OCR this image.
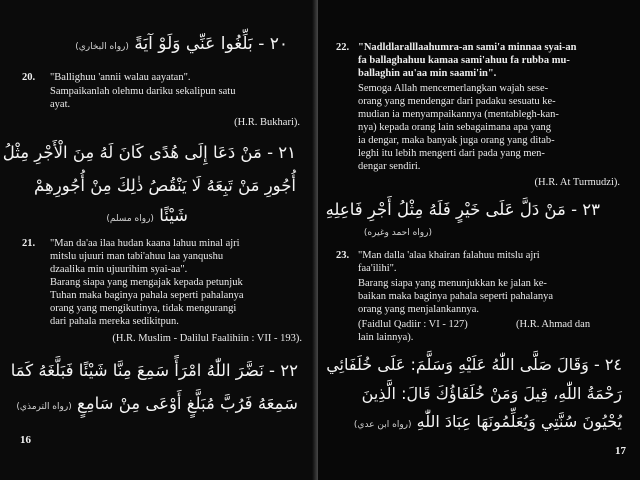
٢٠ - بَلِّغُوا عَنِّي وَلَوْ آيَةً (رواه البخاري)
20. "Ballighuu 'annii walau aayatan".
Sampaikanlah olehmu dariku sekalipun satu
ayat.
(H.R. Bukhari).
٢١ - مَنْ دَعَا إِلَى هُدًى كَانَ لَهُ مِنَ الْأَجْرِ مِثْلُ
أُجُورِ مَنْ تَبِعَهُ لَا يَنْقُصُ ذٰلِكَ مِنْ أُجُورِهِمْ
شَيْئًا (رواه مسلم)
21. "Man da'aa ilaa hudan kaana lahuu minal ajri
mitslu ujuuri man tabi'ahuu laa yanqushu
dzaalika min ujuurihim syai-aa".
Barang siapa yang mengajak kepada petunjuk
Tuhan maka baginya pahala seperti pahalanya
orang yang mengikutinya, tidak mengurangi
dari pahala mereka sedikitpun.
(H.R. Muslim - Dalilul Faalihiin : VII - 193).
٢٢ - نَضَّرَ اللّٰهُ امْرَأً سَمِعَ مِنَّا شَيْئًا فَبَلَّغَهُ كَمَا
سَمِعَهُ فَرُبَّ مُبَلَّغٍ أَوْعَى مِنْ سَامِعٍ (رواه الترمذي)
16
22. "Nadldlaralllaahumra-an sami'a minnaa syai-an
fa ballaghahuu kamaa sami'ahuu fa rubba mu-
ballaghin au'aa min saami'in".
Semoga Allah mencemerlangkan wajah sese-
orang yang mendengar dari padaku sesuatu ke-
mudian ia menyampaikannya (mentablegh-kan-
nya) kepada orang lain sebagaimana apa yang
ia dengar, maka banyak juga orang yang ditab-
leghi itu lebih mengerti dari pada yang men-
dengar sendiri.
(H.R. At Turmudzi).
٢٣ - مَنْ دَلَّ عَلَى خَيْرٍ فَلَهُ مِثْلُ أَجْرِ فَاعِلِهِ
(رواه احمد وغيره)
23. "Man dalla 'alaa khairan falahuu mitslu ajri
faa'ilihi".
Barang siapa yang menunjukkan ke jalan ke-
baikan maka baginya pahala seperti pahalanya
orang yang menjalankannya.
(Faidlul Qadiir : VI - 127)	(H.R. Ahmad dan
lain lainnya).
٢٤ - وَقَالَ صَلَّى اللّٰهُ عَلَيْهِ وَسَلَّمَ: عَلَى خُلَفَائِي
رَحْمَةُ اللّٰهِ، قِيلَ وَمَنْ خُلَفَاؤُكَ قَالَ: الَّذِينَ
يُحْيُونَ سُنَّتِي وَيُعَلِّمُونَهَا عِبَادَ اللّٰهِ (رواه ابن عدي)
17
